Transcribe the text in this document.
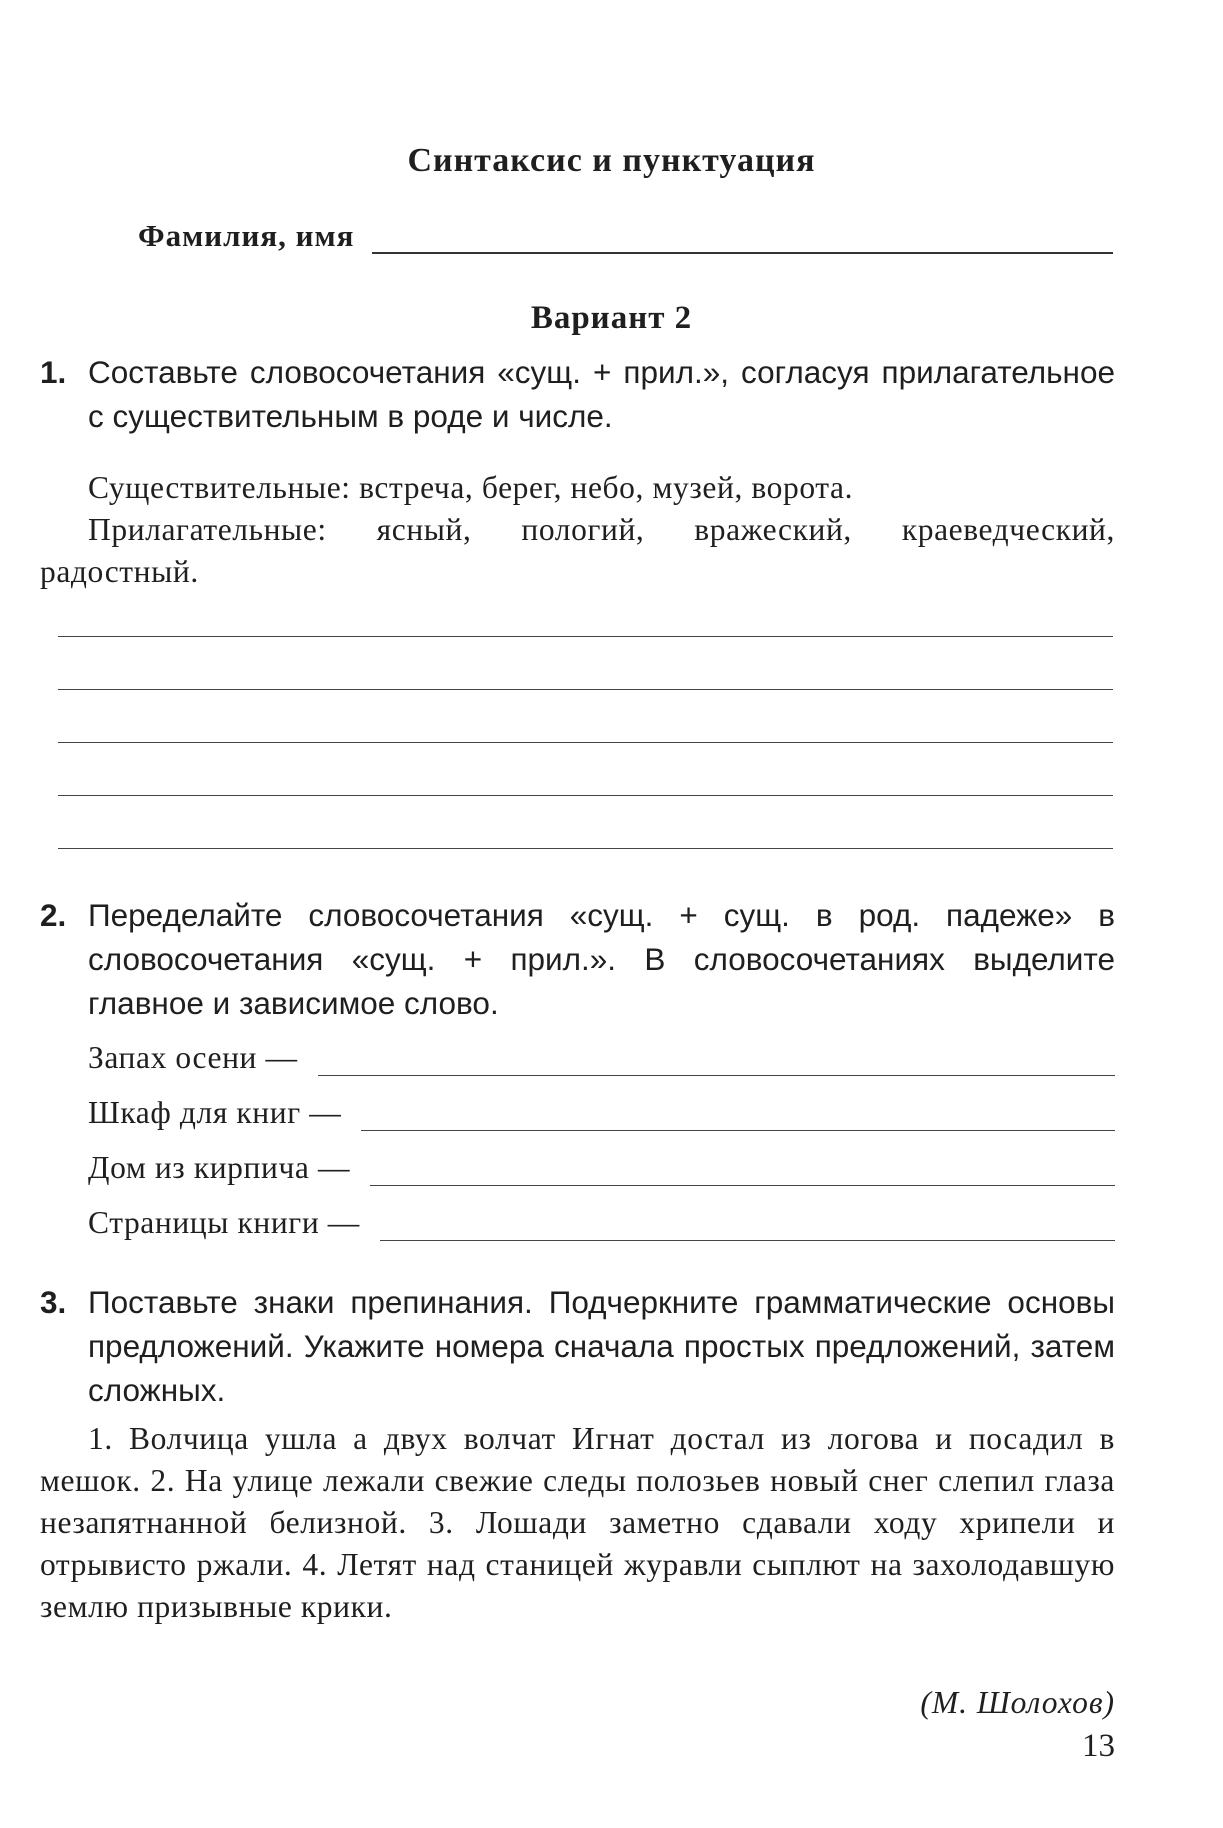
Синтаксис и пунктуация
Фамилия, имя
Вариант 2
1. Составьте словосочетания «сущ. + прил.», согласуя прилагательное с существительным в роде и числе.

Существительные: встреча, берег, небо, музей, ворота.

Прилагательные: ясный, пологий, вражеский, краеведческий, радостный.

2. Переделайте словосочетания «сущ. + сущ. в род. падеже» в словосочетания «сущ. + прил.». В словосочетаниях выделите главное и зависимое слово.
Запах осени —
Шкаф для книг —
Дом из кирпича —
Страницы книги —
3. Поставьте знаки препинания. Подчеркните грамматические основы предложений. Укажите номера сначала простых предложений, затем сложных.

1. Волчица ушла а двух волчат Игнат достал из логова и посадил в мешок. 2. На улице лежали свежие следы полозьев новый снег слепил глаза незапятнанной белизной. 3. Лошади заметно сдавали ходу хрипели и отрывисто ржали. 4. Летят над станицей журавли сыплют на захолодавшую землю призывные крики.

(М. Шолохов)
13
